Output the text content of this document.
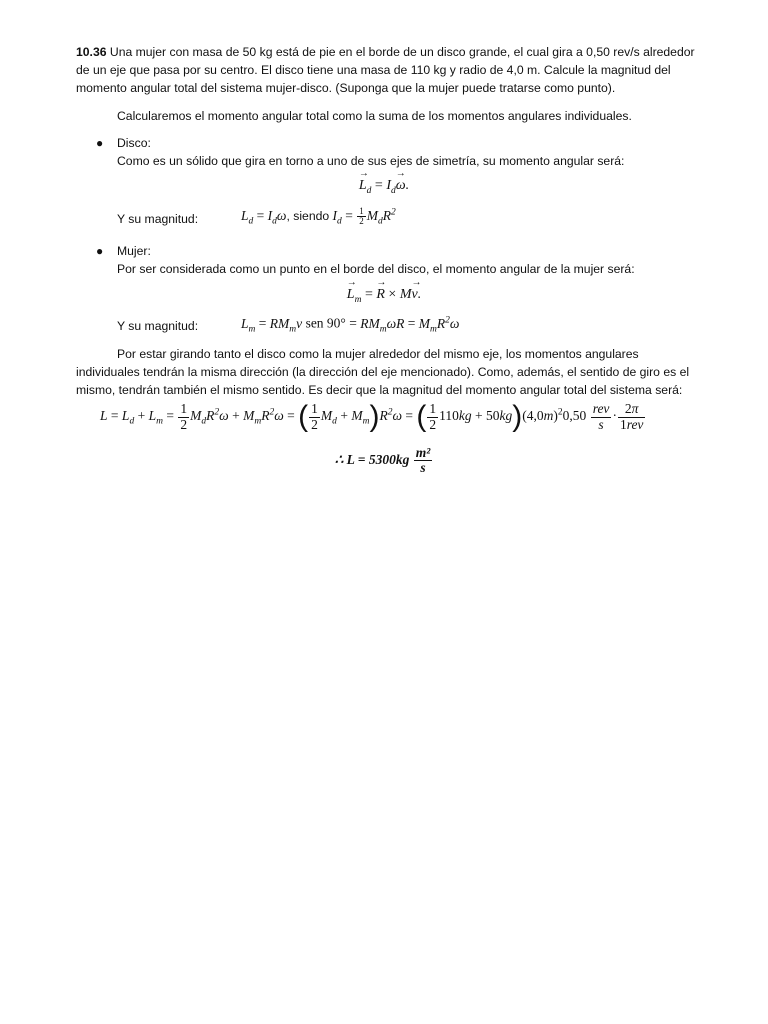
10.36 Una mujer con masa de 50 kg está de pie en el borde de un disco grande, el cual gira a 0,50 rev/s alrededor

de un eje que pasa por su centro. El disco tiene una masa de 110 kg y radio de 4,0 m. Calcule la magnitud del

momento angular total del sistema mujer-disco. (Suponga que la mujer puede tratarse como punto).

Calcularemos el momento angular total como la suma de los momentos angulares individuales.

● Disco:

Como es un sólido que gira en torno a uno de sus ejes de simetría, su momento angular será:

→ $L_d = I_d\to \omega$.

Y su magnitud:	$L_d = I_d\omega$, siendo $I_d = \frac{1}{2} M_dR^2$
● Mujer:

Por ser considerada como un punto en el borde del disco, el momento angular de la mujer será:

→ $L_m$ = → R × M→ v.

Y su magnitud:	$L_m = RM_mv$ sen $90^\circ = RM_m\omega R = M_mR^2\omega$

Por estar girando tanto el disco como la mujer alrededor del mismo eje, los momentos angulares

individuales tendrán la misma dirección (la dirección del eje mencionado). Como, además, el sentido de giro es el

mismo, tendrán también el mismo sentido. Es decir que la magnitud del momento angular total del sistema será:

$L = L_d + L_m = \frac{1}{2} M_dR^2\omega + M_mR^2\omega$ = ( $\frac{1}{2} M_d + M_m)R^2\omega$ = ( $\frac{1}{2} 110kg + 50kg)(4,0m)^20,50 \frac{\text{rev}}{s} \cdot \frac{2\pi}{\text{1rev}}$
∴ $L = 5300kg \frac{\text{m²}}{s}$
